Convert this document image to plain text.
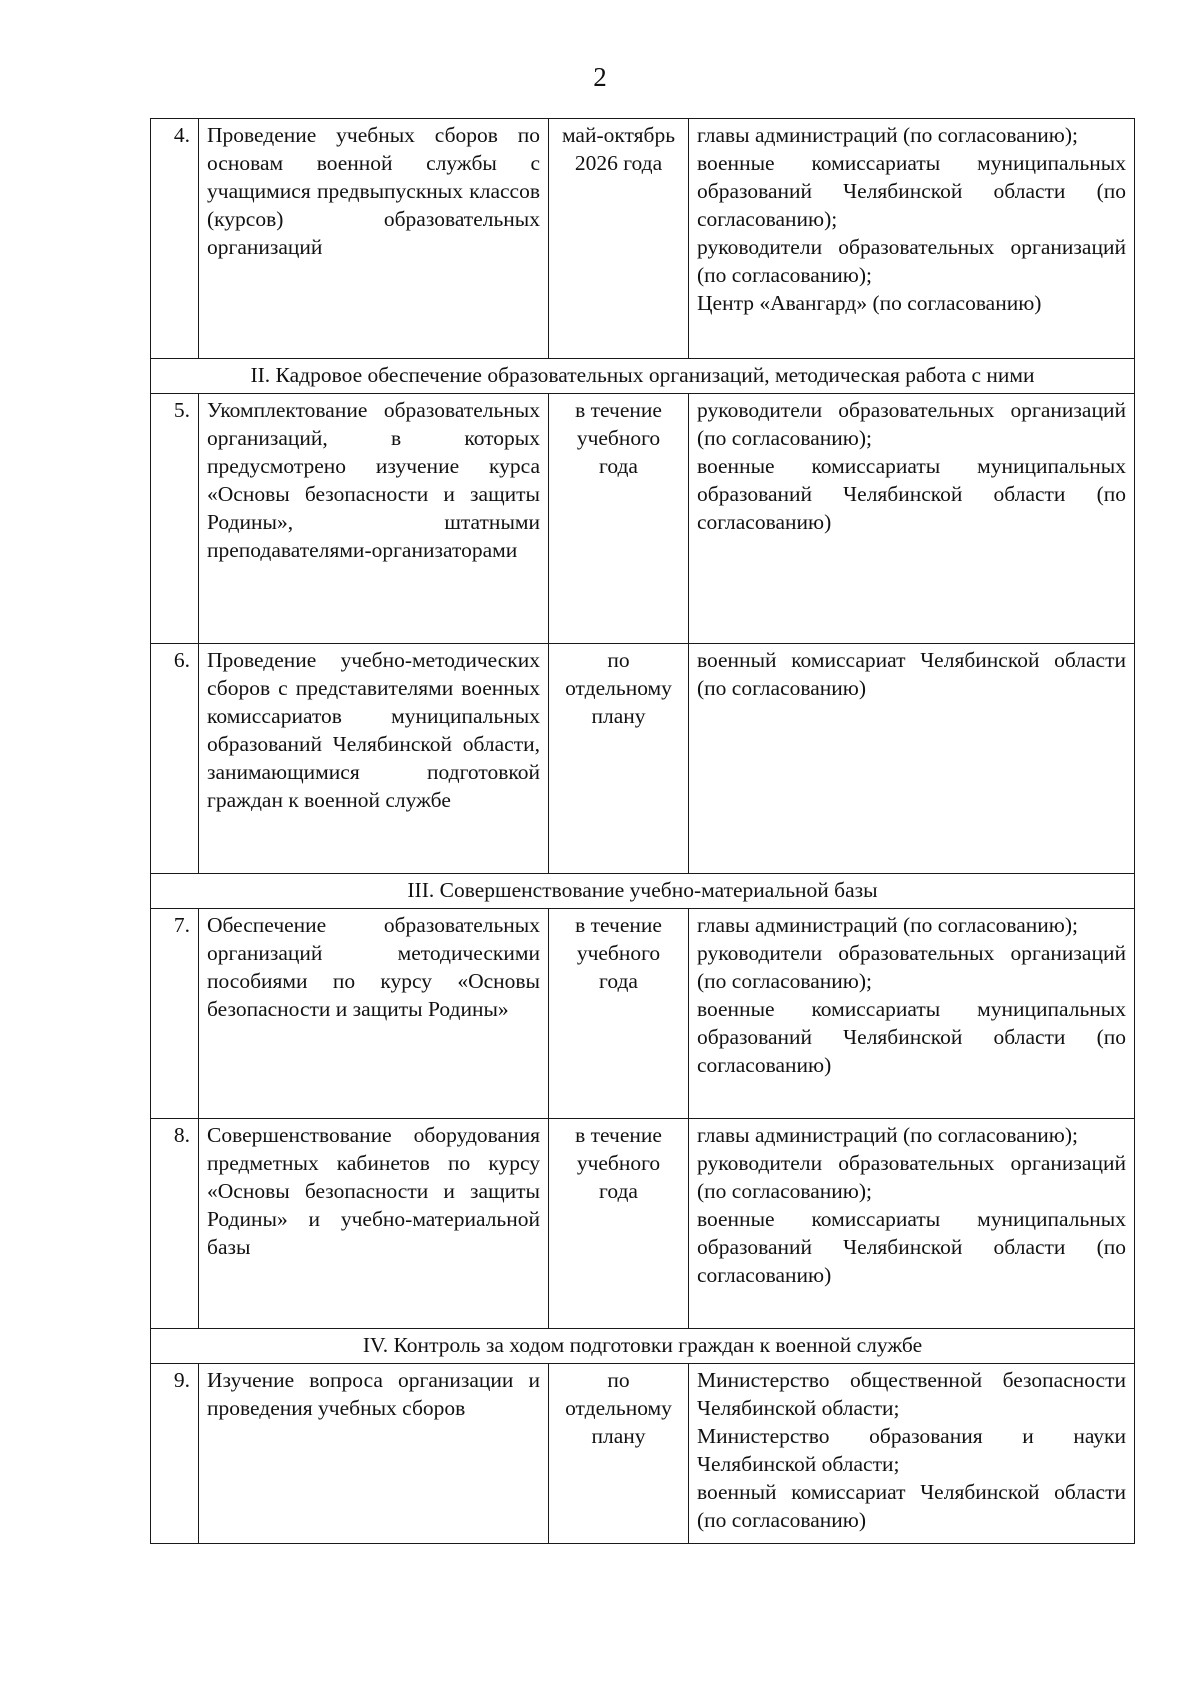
2
4.	Проведение учебных сборов по основам военной службы с учащимися предвыпускных классов (курсов) образовательных организаций	май-октябрь 2026 года	главы администраций (по согласованию);
военные комиссариаты муниципальных образований Челябинской области (по согласованию);
руководители образовательных организаций (по согласованию);
Центр «Авангард» (по согласованию)

II. Кадровое обеспечение образовательных организаций, методическая работа с ними			
5.	Укомплектование образовательных организаций, в которых предусмотрено изучение курса «Основы безопасности и защиты Родины», штатными преподавателями-организаторами	в течение учебного года	руководители образовательных организаций (по согласованию);
военные комиссариаты муниципальных образований Челябинской области (по согласованию)

6.	Проведение учебно-методических сборов с представителями военных комиссариатов муниципальных образований Челябинской области, занимающимися подготовкой граждан к военной службе	по отдельному плану	военный комиссариат Челябинской области (по согласованию)

III. Совершенствование учебно-материальной базы			
7.	Обеспечение образовательных организаций методическими пособиями по курсу «Основы безопасности и защиты Родины»	в течение учебного года	главы администраций (по согласованию);
руководители образовательных организаций (по согласованию);
военные комиссариаты муниципальных образований Челябинской области (по согласованию)

8.	Совершенствование оборудования предметных кабинетов по курсу «Основы безопасности и защиты Родины» и учебно-материальной базы	в течение учебного года	главы администраций (по согласованию);
руководители образовательных организаций (по согласованию);
военные комиссариаты муниципальных образований Челябинской области (по согласованию)

IV. Контроль за ходом подготовки граждан к военной службе			
9.	Изучение вопроса организации и проведения учебных сборов	по отдельному плану	Министерство общественной безопасности Челябинской области;
Министерство образования и науки Челябинской области;
военный комиссариат Челябинской области (по согласованию)
